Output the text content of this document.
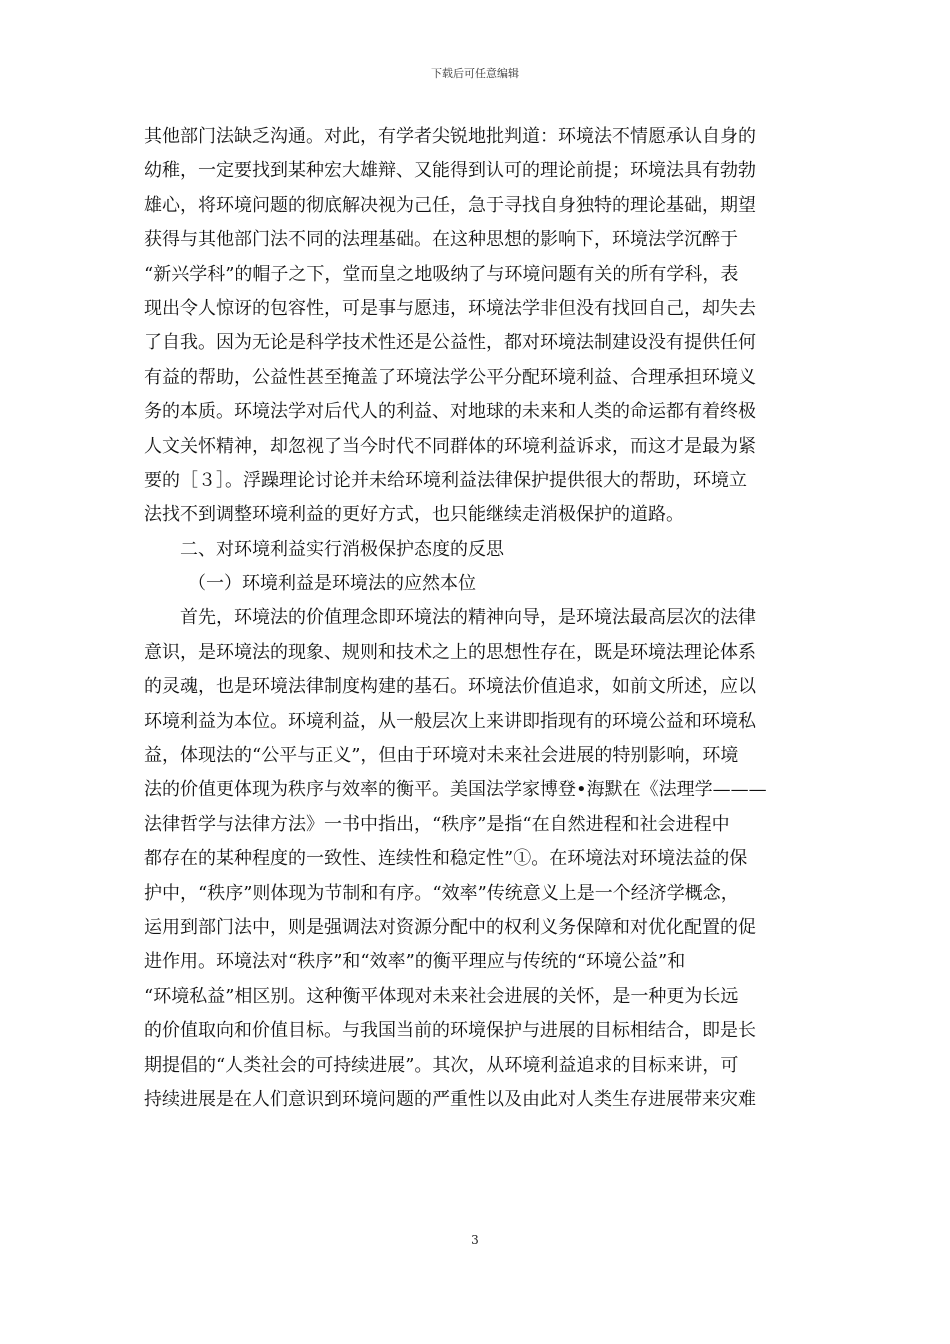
下载后可任意编辑
其他部门法缺乏沟通。对此，有学者尖锐地批判道：环境法不情愿承认自身的
幼稚，一定要找到某种宏大雄辩、又能得到认可的理论前提；环境法具有勃勃
雄心，将环境问题的彻底解决视为己任，急于寻找自身独特的理论基础，期望
获得与其他部门法不同的法理基础。在这种思想的影响下，环境法学沉醉于
“新兴学科”的帽子之下，堂而皇之地吸纳了与环境问题有关的所有学科，表
现出令人惊讶的包容性，可是事与愿违，环境法学非但没有找回自己，却失去
了自我。因为无论是科学技术性还是公益性，都对环境法制建设没有提供任何
有益的帮助，公益性甚至掩盖了环境法学公平分配环境利益、合理承担环境义
务的本质。环境法学对后代人的利益、对地球的未来和人类的命运都有着终极
人文关怀精神，却忽视了当今时代不同群体的环境利益诉求，而这才是最为紧
要的［３］。浮躁理论讨论并未给环境利益法律保护提供很大的帮助，环境立
法找不到调整环境利益的更好方式，也只能继续走消极保护的道路。
二、对环境利益实行消极保护态度的反思
（一）环境利益是环境法的应然本位
首先，环境法的价值理念即环境法的精神向导，是环境法最高层次的法律
意识，是环境法的现象、规则和技术之上的思想性存在，既是环境法理论体系
的灵魂，也是环境法律制度构建的基石。环境法价值追求，如前文所述，应以
环境利益为本位。环境利益，从一般层次上来讲即指现有的环境公益和环境私
益，体现法的“公平与正义”，但由于环境对未来社会进展的特别影响，环境
法的价值更体现为秩序与效率的衡平。美国法学家博登•海默在《法理学———
法律哲学与法律方法》一书中指出，“秩序”是指“在自然进程和社会进程中
都存在的某种程度的一致性、连续性和稳定性”①。在环境法对环境法益的保
护中，“秩序”则体现为节制和有序。“效率”传统意义上是一个经济学概念，
运用到部门法中，则是强调法对资源分配中的权利义务保障和对优化配置的促
进作用。环境法对“秩序”和“效率”的衡平理应与传统的“环境公益”和
“环境私益”相区别。这种衡平体现对未来社会进展的关怀，是一种更为长远
的价值取向和价值目标。与我国当前的环境保护与进展的目标相结合，即是长
期提倡的“人类社会的可持续进展”。其次，从环境利益追求的目标来讲，可
持续进展是在人们意识到环境问题的严重性以及由此对人类生存进展带来灾难
3
